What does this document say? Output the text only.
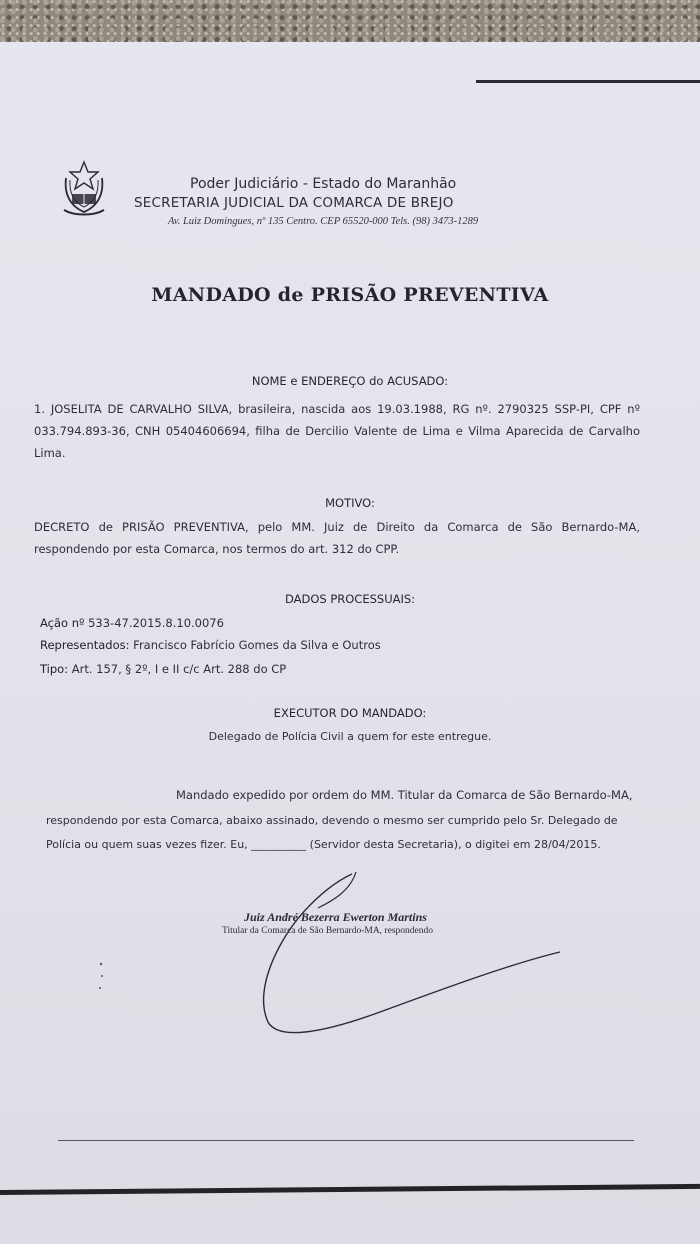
Poder Judiciário - Estado do Maranhão
SECRETARIA JUDICIAL DA COMARCA DE BREJO
Av. Luiz Domingues, nº 135 Centro. CEP 65520-000 Tels. (98) 3473-1289
MANDADO de PRISÃO PREVENTIVA
NOME e ENDEREÇO do ACUSADO:
1. JOSELITA DE CARVALHO SILVA, brasileira, nascida aos 19.03.1988, RG nº. 2790325 SSP-PI, CPF nº 033.794.893-36, CNH 05404606694, filha de Dercilio Valente de Lima e Vilma Aparecida de Carvalho Lima.
MOTIVO:
DECRETO de PRISÃO PREVENTIVA, pelo MM. Juiz de Direito da Comarca de São Bernardo-MA, respondendo por esta Comarca, nos termos do art. 312 do CPP.
DADOS PROCESSUAIS:
Ação nº 533-47.2015.8.10.0076
Representados: Francisco Fabrício Gomes da Silva e Outros
Tipo: Art. 157, § 2º, I e II c/c Art. 288 do CP
EXECUTOR DO MANDADO:
Delegado de Polícia Civil a quem for este entregue.
Mandado expedido por ordem do MM. Titular da Comarca de São Bernardo-MA,
respondendo por esta Comarca, abaixo assinado, devendo o mesmo ser cumprido pelo Sr. Delegado de
Polícia ou quem suas vezes fizer. Eu, __________ (Servidor desta Secretaria), o digitei em 28/04/2015.
Juiz André Bezerra Ewerton Martins
Titular da Comarca de São Bernardo-MA, respondendo
